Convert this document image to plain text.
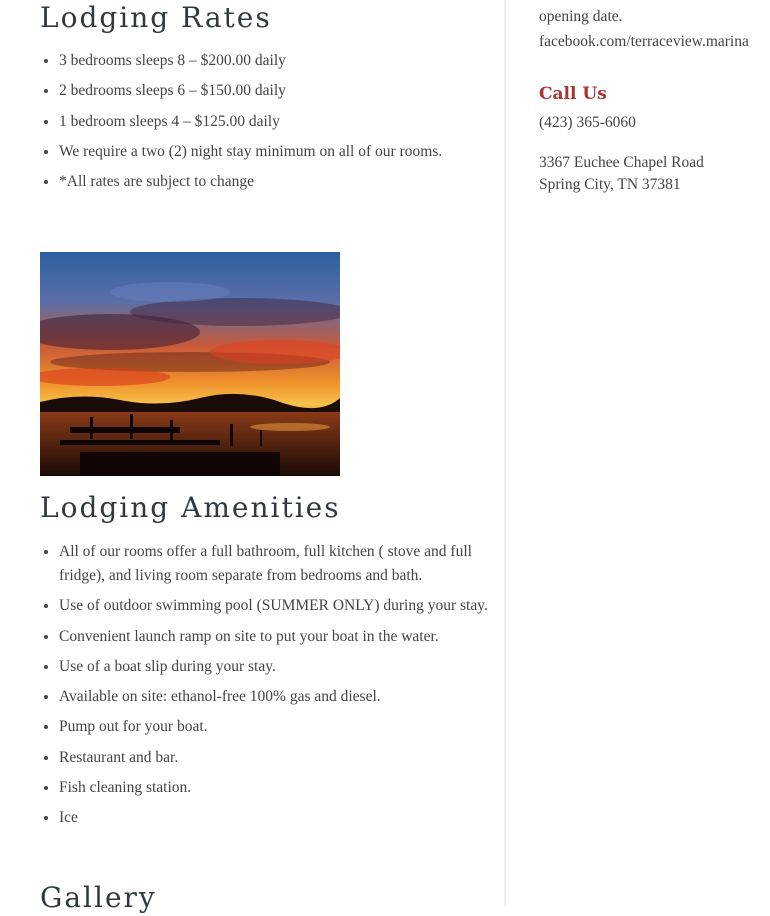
Lodging Rates
• 3 bedrooms sleeps 8 – $200.00 daily
• 2 bedrooms sleeps 6 – $150.00 daily
• 1 bedroom sleeps 4 – $125.00 daily
• We require a two (2) night stay minimum on all of our rooms.
• *All rates are subject to change
Lodging Amenities
• All of our rooms offer a full bathroom, full kitchen ( stove and full fridge), and living room separate from bedrooms and bath.
• Use of outdoor swimming pool (SUMMER ONLY) during your stay.
• Convenient launch ramp on site to put your boat in the water.
• Use of a boat slip during your stay.
• Available on site: ethanol-free 100% gas and diesel.
• Pump out for your boat.
• Restaurant and bar.
• Fish cleaning station.
• Ice
Gallery

opening date.

facebook.com/terraceview.marina
Call Us

(423) 365-6060

3367 Euchee Chapel Road

Spring City, TN 37381
